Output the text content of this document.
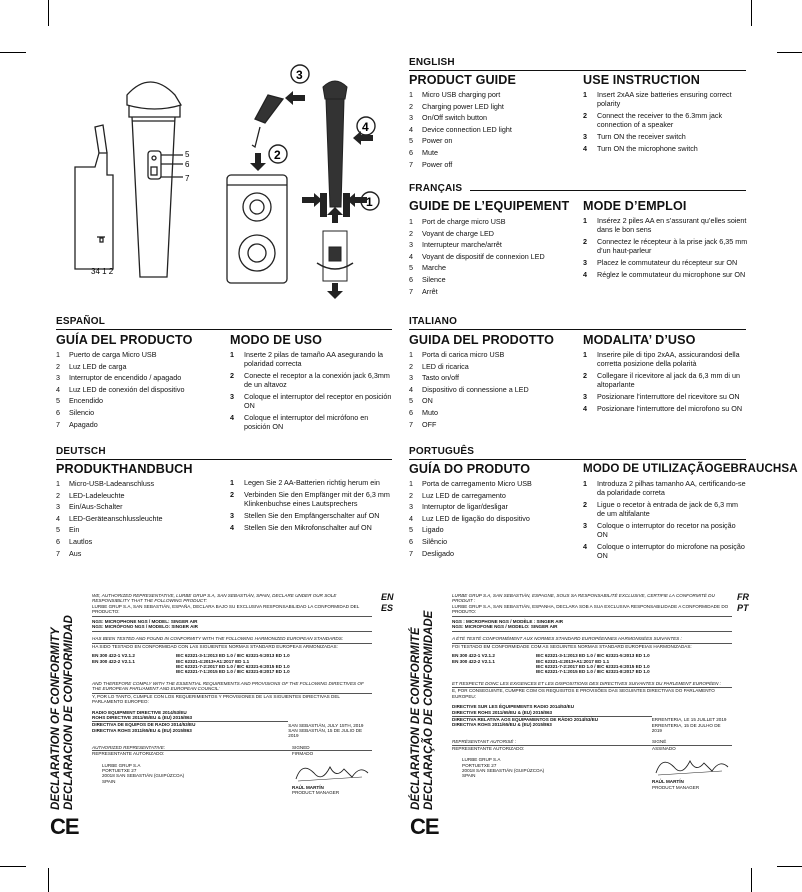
3
4
2
1
5
6
7
34 1 2
ENGLISH
PRODUCT GUIDE
1	Micro USB charging port
2	Charging power LED light
3	On/Off switch button
4	Device connection LED light
5	Power on
6	Mute
7	Power off
USE INSTRUCTION
1	Insert 2xAA size batteries ensuring correct polarity
2	Connect the receiver to the 6.3mm jack connection of a speaker
3	Turn ON the receiver switch
4	Turn ON the microphone switch
FRANÇAIS
GUIDE DE L’EQUIPEMENT
1	Port de charge micro USB
2	Voyant de charge LED
3	Interrupteur marche/arrêt
4	Voyant de dispositif de connexion LED
5	Marche
6	Silence
7	Arrêt
MODE D’EMPLOI
1	Insérez 2 piles AA en s’assurant qu’elles soient dans le bon sens
2	Connectez le récepteur à la prise jack 6,35 mm d’un haut-parleur
3	Placez le commutateur du récepteur sur ON
4	Réglez le commutateur du microphone sur ON
ESPAÑOL
GUÍA DEL PRODUCTO
1	Puerto de carga Micro USB
2	Luz LED de carga
3	Interruptor de encendido / apagado
4	Luz LED de conexión del dispositivo
5	Encendido
6	Silencio
7	Apagado
MODO DE USO
1	Inserte 2 pilas de tamaño AA asegurando la polaridad correcta
2	Conecte el receptor a la conexión jack 6,3mm de un altavoz
3	Coloque el interruptor del receptor en posición ON
4	Coloque el interruptor del micrófono en posición ON
ITALIANO
GUIDA DEL PRODOTTO
1	Porta di carica micro USB
2	LED di ricarica
3	Tasto on/off
4	Dispositivo di connessione a LED
5	ON
6	Muto
7	OFF
MODALITA’ D’USO
1	Inserire pile di tipo 2xAA, assicurandosi della corretta posizione della polarità
2	Collegare il ricevitore al jack da 6,3 mm di un altoparlante
3	Posizionare l’interruttore del ricevitore su ON
4	Posizionare l’interruttore del microfono su ON
DEUTSCH
PRODUKTHANDBUCH
1	Micro-USB-Ladeanschluss
2	LED-Ladeleuchte
3	Ein/Aus-Schalter
4	LED-Geräteanschlussleuchte
5	Ein
6	Lautlos
7	Aus
1	Legen Sie 2 AA-Batterien richtig herum ein
2	Verbinden Sie den Empfänger mit der 6,3 mm Klinkenbuchse eines Lautsprechers
3	Stellen Sie den Empfängerschalter auf ON
4	Stellen Sie den Mikrofonschalter auf ON
PORTUGUÊS
GUÍA DO PRODUTO
1	Porta de carregamento Micro USB
2	Luz LED de carregamento
3	Interruptor de ligar/desligar
4	Luz LED de ligação do dispositivo
5	Ligado
6	Silêncio
7	Desligado
MODO DE UTILIZAÇÃOGEBRAUCHSA
1	Introduza 2 pilhas tamanho AA, certificando-se da polaridade correta
2	Ligue o recetor à entrada de jack de 6,3 mm de um altifalante
3	Coloque o interruptor do recetor na posição ON
4	Coloque o interruptor do microfone na posição ON
DECLARATION OF CONFORMITY DECLARACION DE CONFORMIDAD
CE
EN
ES
WE, AUTHORIZED REPRESENTATIVE, LURBE GRUP S.A, SAN SEBASTIÁN, SPAIN, DECLARE UNDER OUR SOLE RESPONSIBILITY THAT THE FOLLOWING PRODUCT:
LURBE GRUP S.A, SAN SEBASTIÁN, ESPAÑA, DECLARA BAJO SU EXCLUSIVA RESPONSABILIDAD LA CONFORMIDAD DEL PRODUCTO:
NGS: MICROPHONE NGS / MODEL: SINGER AIR
NGS: MICRÓFONO NGS / MODELO: SINGER AIR
HAS BEEN TESTED AND FOUND IN CONFORMITY WITH THE FOLLOWING HARMONIZED EUROPEAN STANDARDS:
HA SIDO TESTADO EN CONFORMIDAD CON LAS SIGUIENTES NORMAS STANDARD EUROPEAS ARMONIZADAS:
EN 300 422-1 V2.1.2
EN 300 422-2 V2.1.1
IEC 62321-3-1:2013 ED 1.0 / IEC 62321-5:2013 ED 1.0
IEC 62321-4:2013+A1:2017 ED 1.1
IEC 62321-7-2:2017 ED 1.0 / IEC 62321-6:2015 ED 1.0
IEC 62321-7-1:2015 ED 1.0 / IEC 62321-8:2017 ED 1.0
AND THEREFORE COMPLY WITH THE ESSENTIAL REQUIREMENTS AND PROVISIONS OF THE FOLLOWING DIRECTIVES OF THE EUROPEAN PARLIAMENT AND EUROPEAN COUNCIL:
Y, POR LO TANTO, CUMPLE CON LOS REQUERIMIENTOS Y PROVISIONES DE LAS SIGUIENTES DIRECTIVAS DEL PARLAMENTO EUROPEO:
RADIO EQUIPMENT DIRECTIVE 2014/53/EU
ROHS DIRECTIVE 2011/65/EU & (EU) 2015/863
DIRECTIVA DE EQUIPOS DE RADIO 2014/53/EU
DIRECTIVA ROHS 2011/65/EU & (EU) 2015/863
SAN SEBASTIÁN, JULY 15TH, 2019
SAN SEBASTIÁN, 15 DE JULIO DE 2019
AUTHORIZED REPRESENTATIVE:
REPRESENTANTE AUTORIZADO:
LURBE GRUP S.A
PORTUETXE 27
20018 SAN SEBASTIÁN (GUIPÚZCOA)
SPAIN
SIGNED
FIRMADO
RAÚL MARTÍN
PRODUCT MANAGER	DÉCLARATION DE CONFORMITÉ DECLARAÇÃO DE CONFORMIDADE
CE
FR
PT
LURBE GRUP S.A, SAN SEBASTIÁN, ESPAGNE, SOUS SA RESPONSABILITÉ EXCLUSIVE, CERTIFIE LA CONFORMITÉ DU PRODUIT :
LURBE GRUP S.A, SAN SEBASTIÁN, ESPANHA, DECLARA SOB A SUA EXCLUSIVA RESPONSABILIDADE A CONFORMIDADE DO PRODUTO:
NGS : MICROPHONE NGS / MODÈLE : SINGER AIR
NGS: MICROFONE NGS / MODELO: SINGER AIR
A ÉTÉ TESTÉ CONFORMÉMENT AUX NORMES STANDARD EUROPÉENNES HARMONISÉES SUIVANTES :
FOI TESTADO EM CONFORMIDADE COM AS SEGUINTES NORMAS STANDARD EUROPEIAS HARMONIZADAS:
EN 300 422-1 V2.1.2
EN 300 422-2 V2.1.1
IEC 62321-3-1:2013 ED 1.0 / IEC 62321-5:2013 ED 1.0
IEC 62321-4:2013+A1:2017 ED 1.1
IEC 62321-7-2:2017 ED 1.0 / IEC 62321-6:2015 ED 1.0
IEC 62321-7-1:2015 ED 1.0 / IEC 62321-8:2017 ED 1.0
ET RESPECTE DONC LES EXIGENCES ET LES DISPOSITIONS DES DIRECTIVES SUIVANTES DU PARLEMENT EUROPÉEN :
E, POR CONSEGUINTE, CUMPRE COM OS REQUISITOS E PROVISÕES DAS SEGUINTES DIRECTIVAS DO PARLAMENTO EUROPEU:
DIRECTIVE SUR LES ÉQUIPEMENTS RADIO 2014/53/EU
DIRECTIVE ROHS 2011/65/EU & (EU) 2015/863
DIRECTIVA RELATIVA AOS EQUIPAMENTOS DE RÁDIO 2014/53/EU
DIRECTIVA ROHS 2011/65/EU & (EU) 2015/863
ERRENTERIA, LE 15 JUILLET 2019
ERRENTERIA, 15 DE JULHO DE 2019
REPRÉSENTANT AUTORISÉ :
REPRESENTANTE AUTORIZADO:
LURBE GRUP S.A
PORTUETXE 27
20018 SAN SEBASTIÁN (GUIPÚZCOA)
SPAIN
SIGNÉ
ASSINADO
RAÚL MARTÍN
PRODUCT MANAGER
